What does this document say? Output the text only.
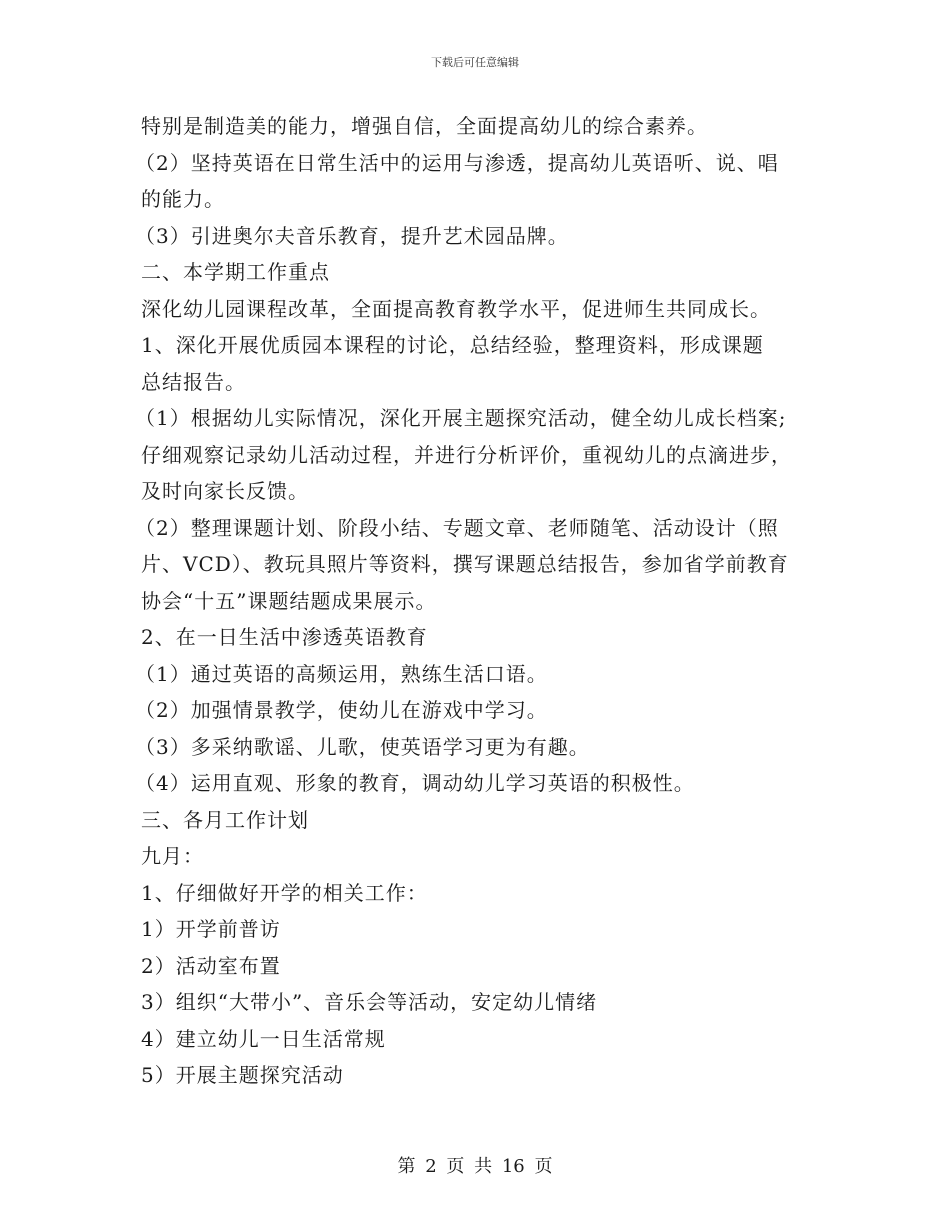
下载后可任意编辑
特别是制造美的能力，增强自信，全面提高幼儿的综合素养。
（2）坚持英语在日常生活中的运用与渗透，提高幼儿英语听、说、唱
的能力。
（3）引进奥尔夫音乐教育，提升艺术园品牌。
二、本学期工作重点
深化幼儿园课程改革，全面提高教育教学水平，促进师生共同成长。
1、深化开展优质园本课程的讨论，总结经验，整理资料，形成课题
总结报告。
（1）根据幼儿实际情况，深化开展主题探究活动，健全幼儿成长档案;
仔细观察记录幼儿活动过程，并进行分析评价，重视幼儿的点滴进步，
及时向家长反馈。
（2）整理课题计划、阶段小结、专题文章、老师随笔、活动设计（照
片、VCD）、教玩具照片等资料，撰写课题总结报告，参加省学前教育
协会“十五”课题结题成果展示。
2、在一日生活中渗透英语教育
（1）通过英语的高频运用，熟练生活口语。
（2）加强情景教学，使幼儿在游戏中学习。
（3）多采纳歌谣、儿歌，使英语学习更为有趣。
（4）运用直观、形象的教育，调动幼儿学习英语的积极性。
三、各月工作计划
九月：
1、仔细做好开学的相关工作：
1）开学前普访
2）活动室布置
3）组织“大带小”、音乐会等活动，安定幼儿情绪
4）建立幼儿一日生活常规
5）开展主题探究活动
第 2 页 共 16 页
